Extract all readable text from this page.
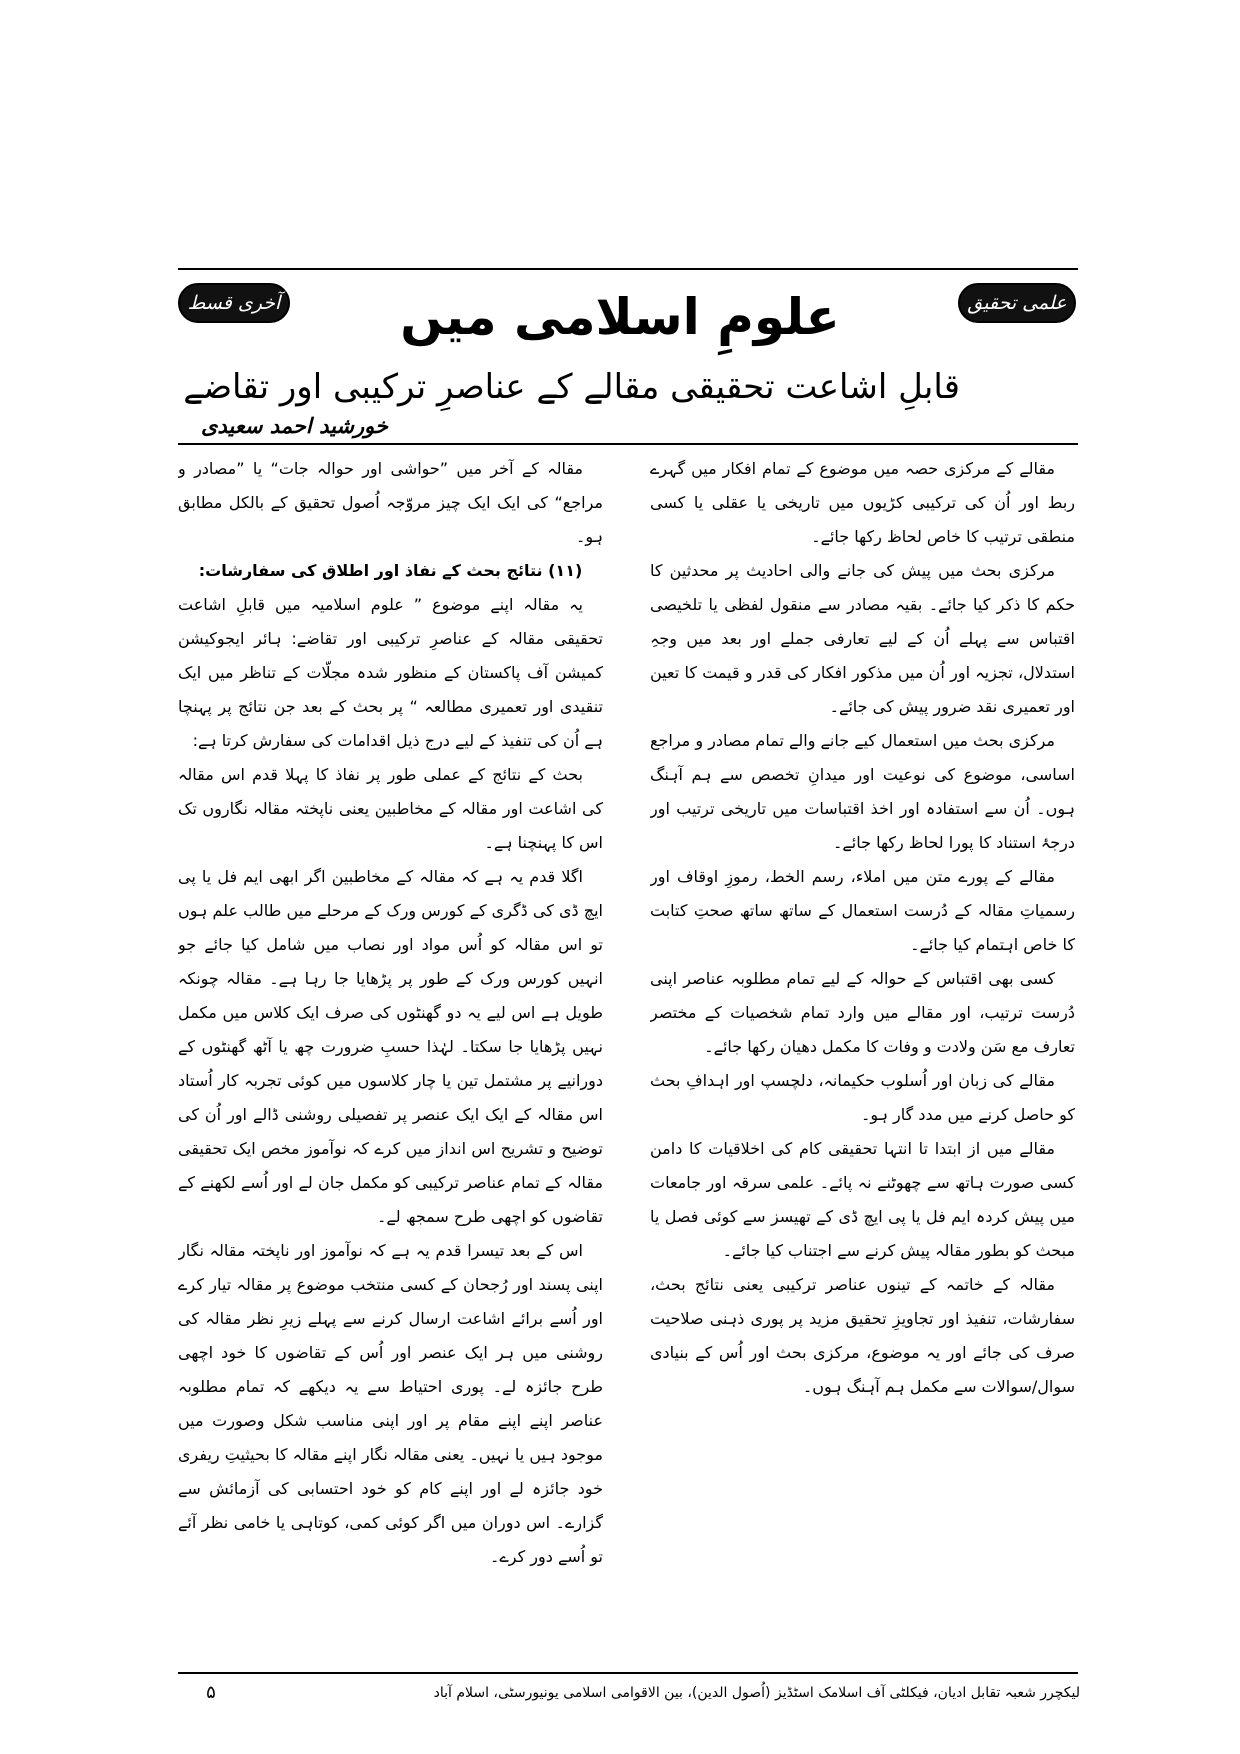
علمی تحقیق
آخری قسط	علومِ اسلامی میں
قابلِ اشاعت تحقیقی مقالے کے عناصرِ ترکیبی اور تقاضے
خورشید احمد سعیدی

مقالے کے مرکزی حصہ میں موضوع کے تمام افکار میں گہرے ربط اور اُن کی ترکیبی کڑیوں میں تاریخی یا عقلی یا کسی منطقی ترتیب کا خاص لحاظ رکھا جائے۔

مرکزی بحث میں پیش کی جانے والی احادیث پر محدثین کا حکم کا ذکر کیا جائے۔ بقیہ مصادر سے منقول لفظی یا تلخیصی اقتباس سے پہلے اُن کے لیے تعارفی جملے اور بعد میں وجہِ استدلال، تجزیہ اور اُن میں مذکور افکار کی قدر و قیمت کا تعین اور تعمیری نقد ضرور پیش کی جائے۔

مرکزی بحث میں استعمال کیے جانے والے تمام مصادر و مراجع اساسی، موضوع کی نوعیت اور میدانِ تخصص سے ہم آہنگ ہوں۔ اُن سے استفادہ اور اخذ اقتباسات میں تاریخی ترتیب اور درجۂ استناد کا پورا لحاظ رکھا جائے۔

مقالے کے پورے متن میں املاء، رسم الخط، رموزِ اوقاف اور رسمیاتِ مقالہ کے دُرست استعمال کے ساتھ ساتھ صحتِ کتابت کا خاص اہتمام کیا جائے۔

کسی بھی اقتباس کے حوالہ کے لیے تمام مطلوبہ عناصر اپنی دُرست ترتیب، اور مقالے میں وارد تمام شخصیات کے مختصر تعارف مع سَن ولادت و وفات کا مکمل دھیان رکھا جائے۔

مقالے کی زبان اور اُسلوب حکیمانہ، دلچسپ اور اہدافِ بحث کو حاصل کرنے میں مدد گار ہو۔

مقالے میں از ابتدا تا انتہا تحقیقی کام کی اخلاقیات کا دامن کسی صورت ہاتھ سے چھوٹنے نہ پائے۔ علمی سرقہ اور جامعات میں پیش کردہ ایم فل یا پی ایچ ڈی کے تھیسز سے کوئی فصل یا مبحث کو بطور مقالہ پیش کرنے سے اجتناب کیا جائے۔

مقالہ کے خاتمہ کے تینوں عناصر ترکیبی یعنی نتائج بحث، سفارشات، تنفیذ اور تجاویزِ تحقیق مزید پر پوری ذہنی صلاحیت صرف کی جائے اور یہ موضوع، مرکزی بحث اور اُس کے بنیادی سوال/سوالات سے مکمل ہم آہنگ ہوں۔

مقالہ کے آخر میں ”حواشی اور حوالہ جات“ یا ”مصادر و مراجع“ کی ایک ایک چیز مروّجہ اُصول تحقیق کے بالکل مطابق ہو۔

(۱۱) نتائج بحث کے نفاذ اور اطلاق کی سفارشات:

یہ مقالہ اپنے موضوع ” علوم اسلامیہ میں قابلِ اشاعت تحقیقی مقالہ کے عناصرِ ترکیبی اور تقاضے: ہائر ایجوکیشن کمیشن آف پاکستان کے منظور شدہ مجلّات کے تناظر میں ایک تنقیدی اور تعمیری مطالعہ “ پر بحث کے بعد جن نتائج پر پہنچا ہے اُن کی تنفیذ کے لیے درج ذیل اقدامات کی سفارش کرتا ہے:

بحث کے نتائج کے عملی طور پر نفاذ کا پہلا قدم اس مقالہ کی اشاعت اور مقالہ کے مخاطبین یعنی ناپختہ مقالہ نگاروں تک اس کا پہنچنا ہے۔

اگلا قدم یہ ہے کہ مقالہ کے مخاطبین اگر ابھی ایم فل یا پی ایچ ڈی کی ڈگری کے کورس ورک کے مرحلے میں طالب علم ہوں تو اس مقالہ کو اُس مواد اور نصاب میں شامل کیا جائے جو انہیں کورس ورک کے طور پر پڑھایا جا رہا ہے۔ مقالہ چونکہ طویل ہے اس لیے یہ دو گھنٹوں کی صرف ایک کلاس میں مکمل نہیں پڑھایا جا سکتا۔ لہٰذا حسبِ ضرورت چھ یا آٹھ گھنٹوں کے دورانیے پر مشتمل تین یا چار کلاسوں میں کوئی تجربہ کار اُستاد اس مقالہ کے ایک ایک عنصر پر تفصیلی روشنی ڈالے اور اُن کی توضیح و تشریح اس انداز میں کرے کہ نوآموز مخص ایک تحقیقی مقالہ کے تمام عناصر ترکیبی کو مکمل جان لے اور اُسے لکھنے کے تقاضوں کو اچھی طرح سمجھ لے۔

اس کے بعد تیسرا قدم یہ ہے کہ نوآموز اور ناپختہ مقالہ نگار اپنی پسند اور رُجحان کے کسی منتخب موضوع پر مقالہ تیار کرے اور اُسے برائے اشاعت ارسال کرنے سے پہلے زیرِ نظر مقالہ کی روشنی میں ہر ایک عنصر اور اُس کے تقاضوں کا خود اچھی طرح جائزہ لے۔ پوری احتیاط سے یہ دیکھے کہ تمام مطلوبہ عناصر اپنے اپنے مقام پر اور اپنی مناسب شکل وصورت میں موجود ہیں یا نہیں۔ یعنی مقالہ نگار اپنے مقالہ کا بحیثیتِ ریفری خود جائزہ لے اور اپنے کام کو خود احتسابی کی آزمائش سے گزارے۔ اس دوران میں اگر کوئی کمی، کوتاہی یا خامی نظر آئے تو اُسے دور کرے۔

لیکچرر شعبہ تقابل ادیان، فیکلٹی آف اسلامک اسٹڈیز (اُصول الدین)، بین الاقوامی اسلامی یونیورسٹی، اسلام آباد
۵
